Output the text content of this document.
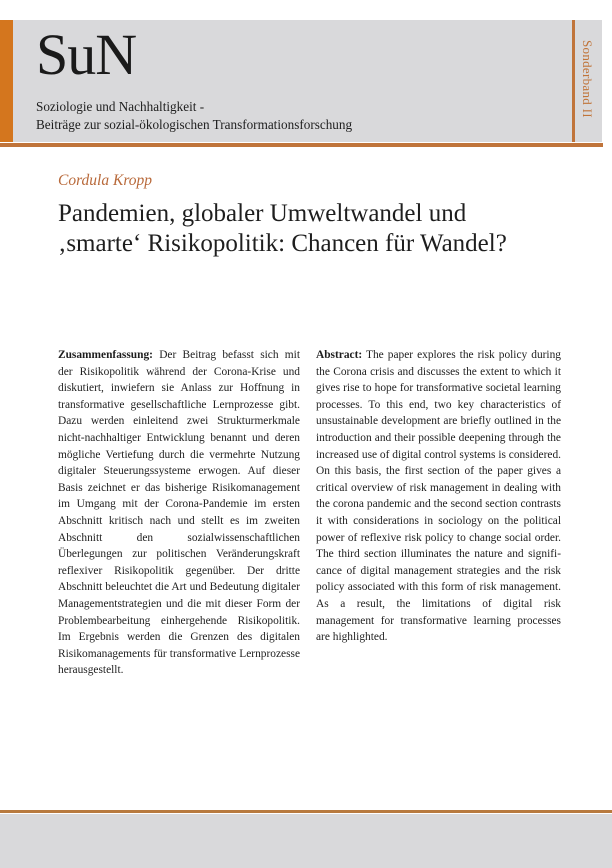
SuN
Soziologie und Nachhaltigkeit -
Beiträge zur sozial-ökologischen Transformationsforschung
Sonderband II
Cordula Kropp
Pandemien, globaler Umweltwandel und
‚smarte‘ Risikopolitik: Chancen für Wandel?
Zusammenfassung: Der Beitrag befasst sich mit der Risikopolitik während der Corona-Krise und diskutiert, inwiefern sie Anlass zur Hoffnung in transformative gesellschaftliche Lernprozesse gibt. Dazu werden einleitend zwei Strukturmerkmale nicht-nachhaltiger Entwicklung benannt und deren mögliche Vertiefung durch die vermehrte Nutzung digitaler Steuerungssysteme erwogen. Auf dieser Basis zeichnet er das bisherige Risikomanagement im Umgang mit der Corona-Pandemie im ersten Abschnitt kritisch nach und stellt es im zweiten Abschnitt den sozialwissenschaftlichen Überlegungen zur politischen Veränderungskraft reflexiver Risikopolitik gegenüber. Der dritte Abschnitt beleuchtet die Art und Bedeutung digitaler Managementstrategien und die mit dieser Form der Problembearbeitung einhergehende Risikopolitik. Im Ergebnis werden die Grenzen des digitalen Risikomanagements für transformative Lernprozesse herausgestellt.
Abstract: The paper explores the risk policy during the Corona crisis and discusses the extent to which it gives rise to hope for transformative societal learning processes. To this end, two key characteristics of unsustainable development are briefly outlined in the introduction and their possible deepening through the increased use of digital control systems is considered. On this basis, the first section of the paper gives a critical overview of risk management in dealing with the corona pandemic and the second section contrasts it with considerations in sociology on the political power of reflexive risk policy to change social order. The third section illuminates the nature and significance of digital management strategies and the risk policy associated with this form of risk management. As a result, the limitations of digital risk management for transformative learning processes are highlighted.
